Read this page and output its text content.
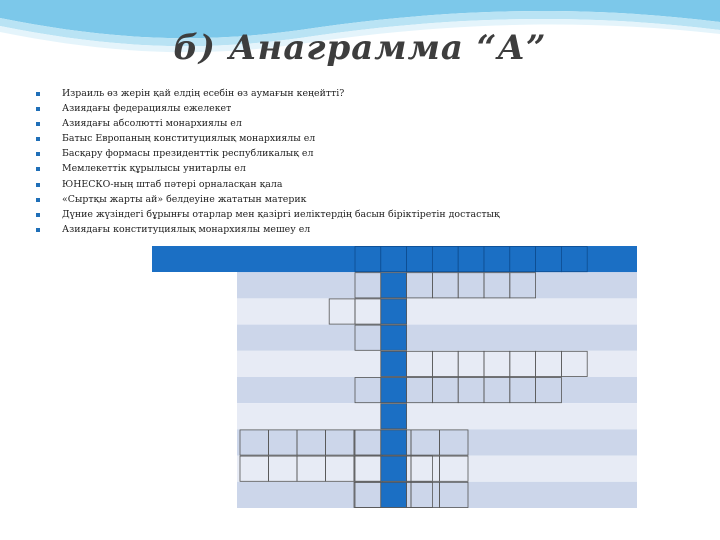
б) Анаграмма “А”
Израиль өз жерін қай елдің есебін өз аумағын кеңейтті?
Азиядағы федерациялы ежелекет
Азиядағы абсолютті монархиялы ел
Батыс Европаның конституциялық монархиялы ел
Басқару формасы президенттік республикалық ел
Мемлекеттік құрылысы унитарлы ел
ЮНЕСКО-ның штаб пәтері орналасқан қала
«Сыртқы жарты ай» белдеуіне жататын материк
Дүние жүзіндегі бұрынғы отарлар мен қазіргі иеліктердің басын біріктіретін достастық
Азиядағы конституциялық монархиялы мешеу ел
